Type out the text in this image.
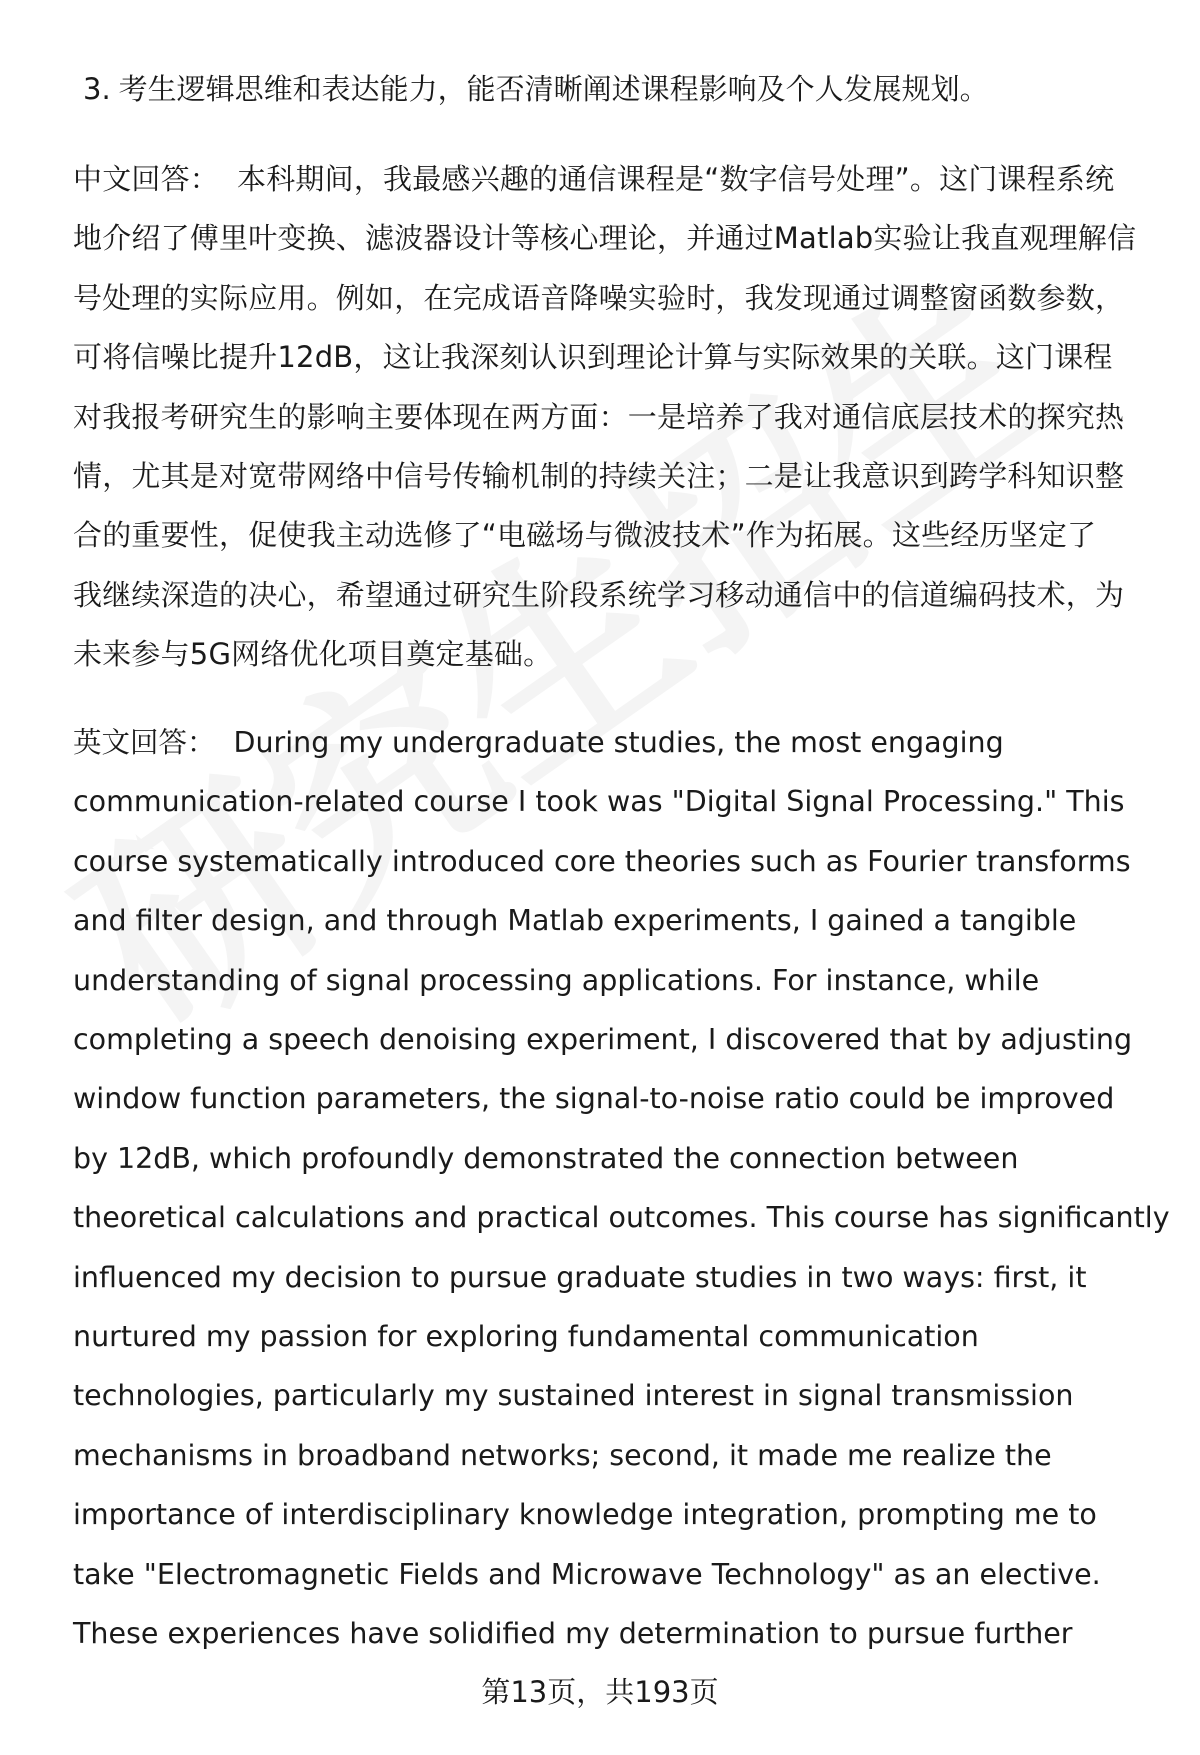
3. 考生逻辑思维和表达能力，能否清晰阐述课程影响及个人发展规划。
中文回答： 本科期间，我最感兴趣的通信课程是“数字信号处理”。这门课程系统
地介绍了傅里叶变换、滤波器设计等核心理论，并通过Matlab实验让我直观理解信
号处理的实际应用。例如，在完成语音降噪实验时，我发现通过调整窗函数参数，
可将信噪比提升12dB，这让我深刻认识到理论计算与实际效果的关联。这门课程
对我报考研究生的影响主要体现在两方面：一是培养了我对通信底层技术的探究热
情，尤其是对宽带网络中信号传输机制的持续关注；二是让我意识到跨学科知识整
合的重要性，促使我主动选修了“电磁场与微波技术”作为拓展。这些经历坚定了
我继续深造的决心，希望通过研究生阶段系统学习移动通信中的信道编码技术，为
未来参与5G网络优化项目奠定基础。
英文回答： During my undergraduate studies, the most engaging
communication-related course I took was "Digital Signal Processing." This
course systematically introduced core theories such as Fourier transforms
and filter design, and through Matlab experiments, I gained a tangible
understanding of signal processing applications. For instance, while
completing a speech denoising experiment, I discovered that by adjusting
window function parameters, the signal-to-noise ratio could be improved
by 12dB, which profoundly demonstrated the connection between
theoretical calculations and practical outcomes. This course has significantly
influenced my decision to pursue graduate studies in two ways: first, it
nurtured my passion for exploring fundamental communication
technologies, particularly my sustained interest in signal transmission
mechanisms in broadband networks; second, it made me realize the
importance of interdisciplinary knowledge integration, prompting me to
take "Electromagnetic Fields and Microwave Technology" as an elective.
These experiences have solidified my determination to pursue further
第13页，共193页
